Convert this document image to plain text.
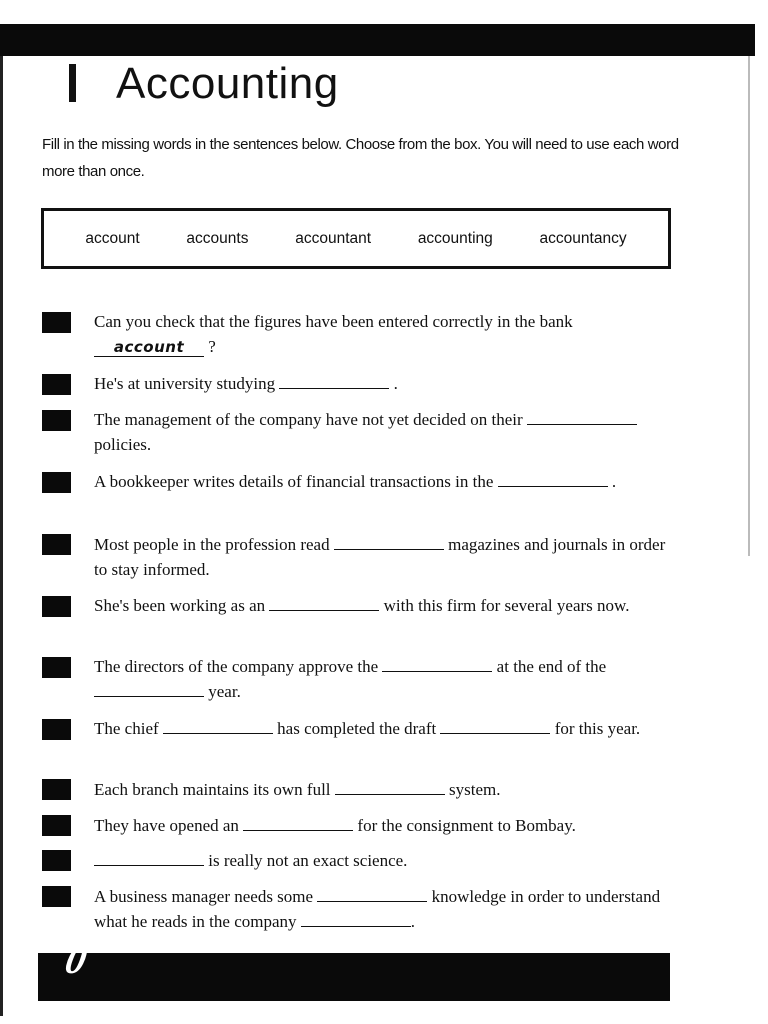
Accounting
Fill in the missing words in the sentences below. Choose from the box. You will need to use each word more than once.
account	accounts	accountant	accounting	accountancy
Can you check that the figures have been entered correctly in the bank account ?
He's at university studying	.
The management of the company have not yet decided on their  policies.
A bookkeeper writes details of financial transactions in the	.
Most people in the profession read	magazines and journals in order to stay informed.
She's been working as an	with this firm for several years now.
The directors of the company approve the	at the end of the  year.
The chief	has completed the draft	for this year.
Each branch maintains its own full	system.
They have opened an	for the consignment to Bombay.
is really not an exact science.
A business manager needs some	knowledge in order to understand what he reads in the company	.
0
